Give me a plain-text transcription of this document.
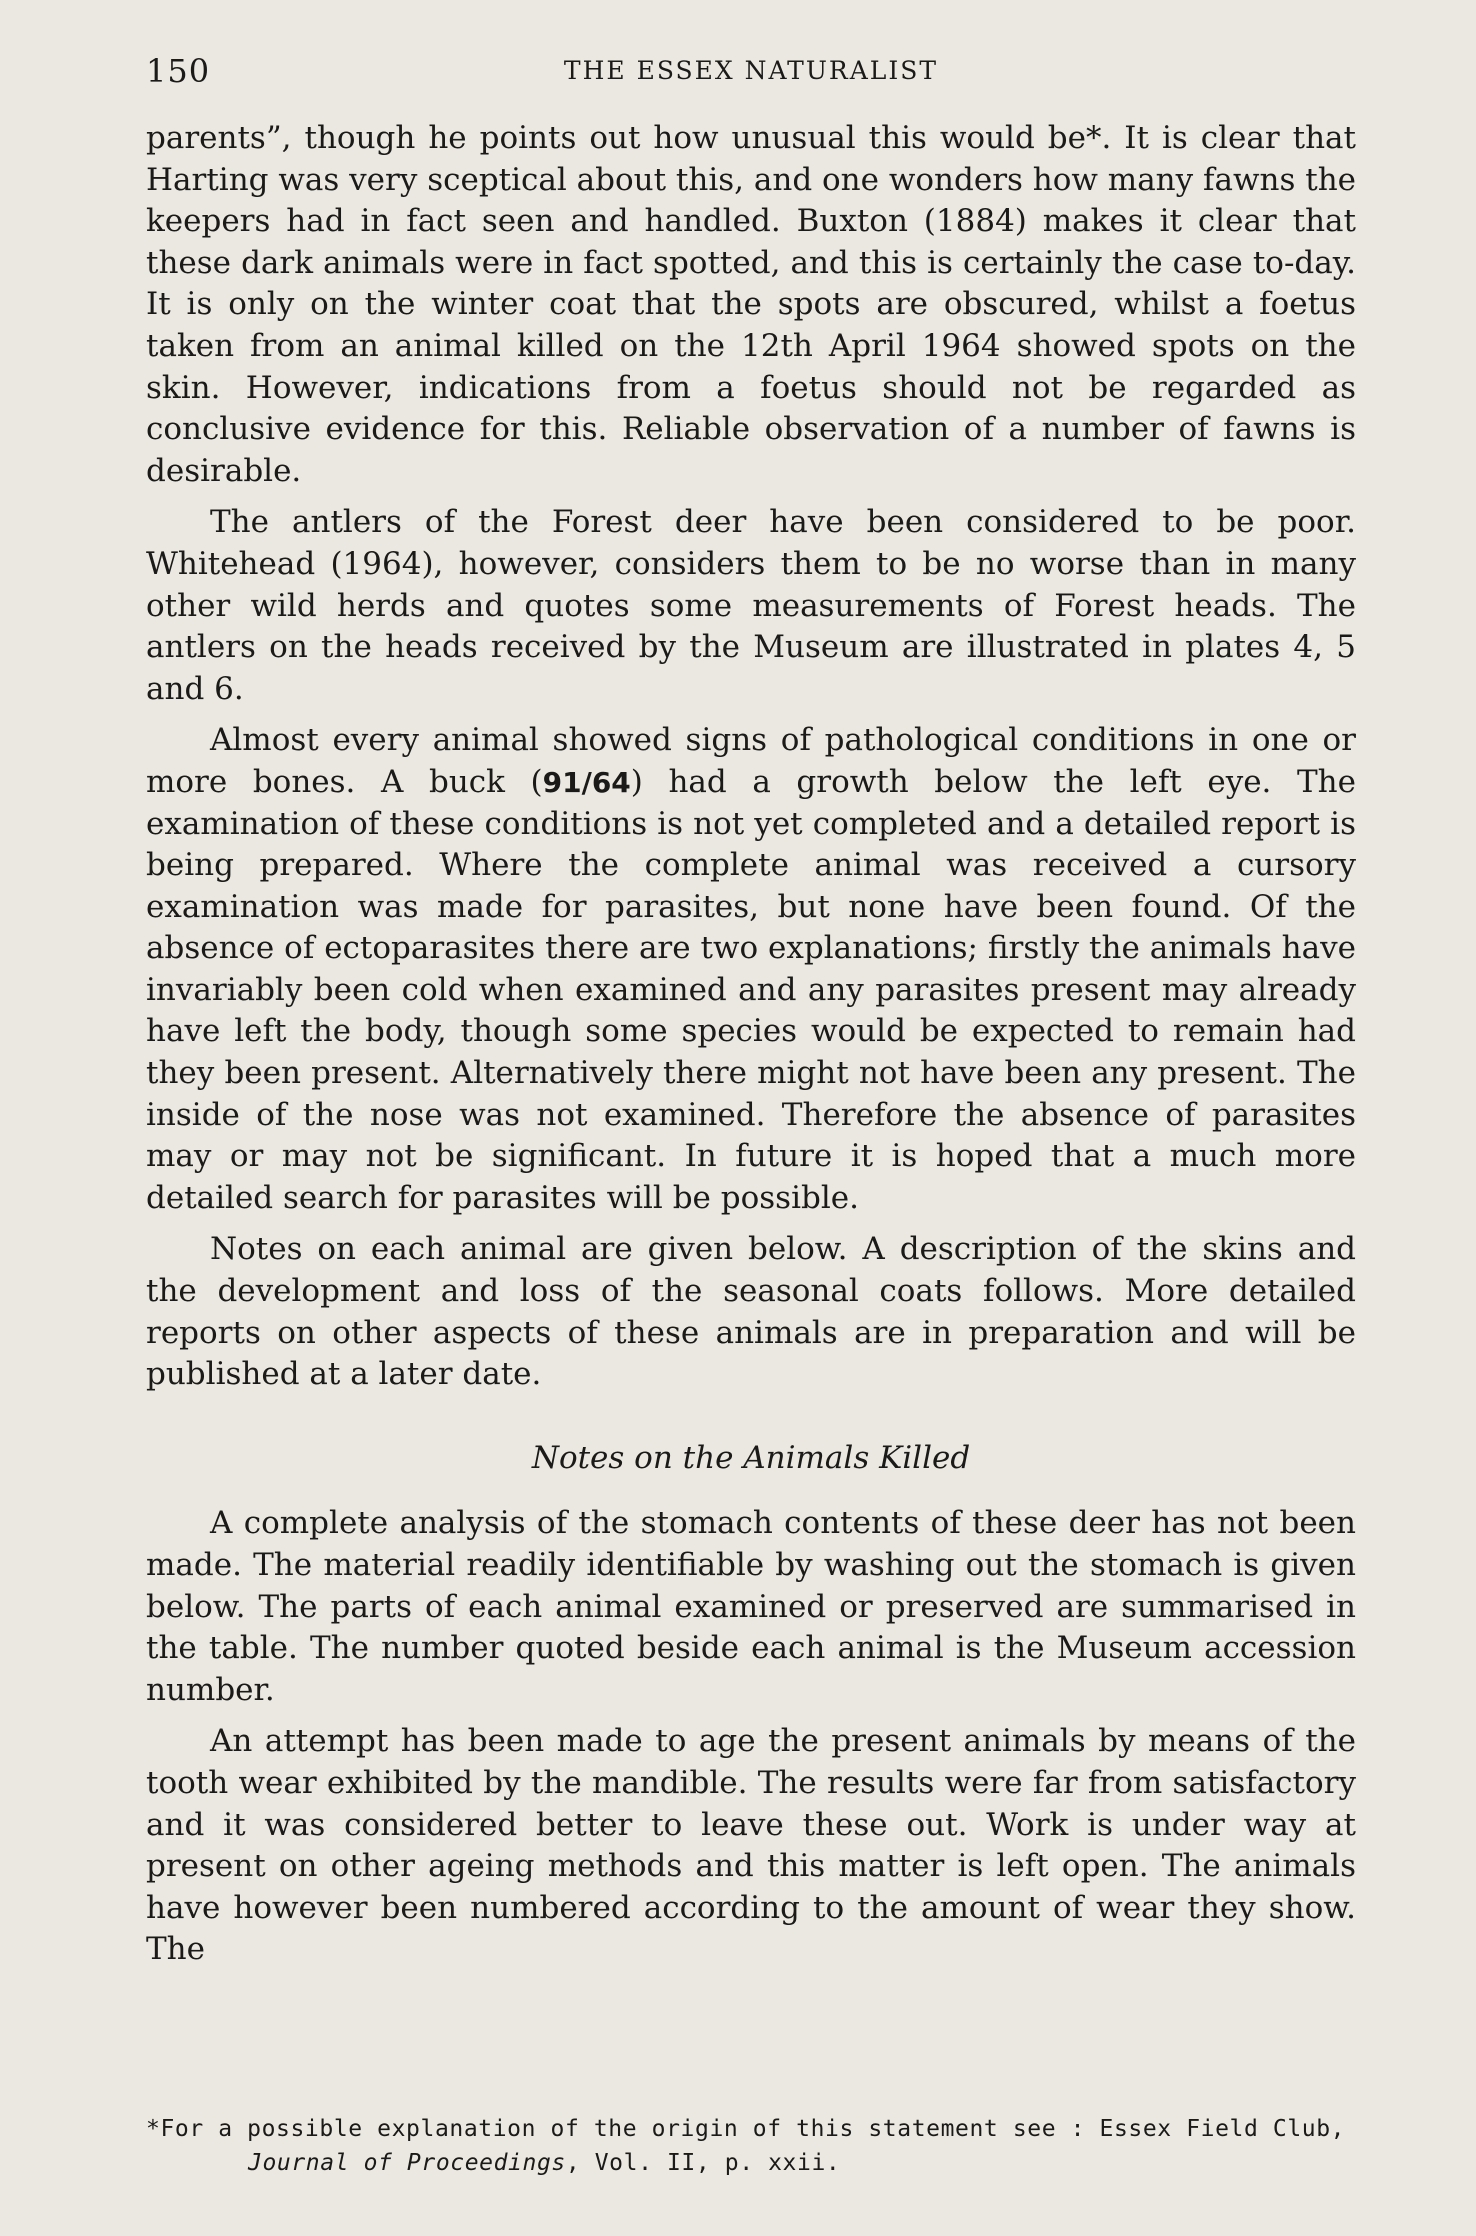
150	THE ESSEX NATURALIST

parents”, though he points out how unusual this would be*. It is clear that Harting was very sceptical about this, and one wonders how many fawns the keepers had in fact seen and handled. Buxton (1884) makes it clear that these dark animals were in fact spotted, and this is certainly the case to-day. It is only on the winter coat that the spots are obscured, whilst a foetus taken from an animal killed on the 12th April 1964 showed spots on the skin. However, indications from a foetus should not be regarded as conclusive evidence for this. Reliable observation of a number of fawns is desirable.

The antlers of the Forest deer have been considered to be poor. Whitehead (1964), however, considers them to be no worse than in many other wild herds and quotes some measurements of Forest heads. The antlers on the heads received by the Museum are illustrated in plates 4, 5 and 6.

Almost every animal showed signs of pathological conditions in one or more bones. A buck (91/64) had a growth below the left eye. The examination of these conditions is not yet completed and a detailed report is being prepared. Where the complete animal was received a cursory examination was made for parasites, but none have been found. Of the absence of ectoparasites there are two explanations; firstly the animals have invariably been cold when examined and any parasites present may already have left the body, though some species would be expected to remain had they been present. Alternatively there might not have been any present. The inside of the nose was not examined. Therefore the absence of parasites may or may not be significant. In future it is hoped that a much more detailed search for parasites will be possible.

Notes on each animal are given below. A description of the skins and the development and loss of the seasonal coats follows. More detailed reports on other aspects of these animals are in preparation and will be published at a later date.

Notes on the Animals Killed

A complete analysis of the stomach contents of these deer has not been made. The material readily identifiable by washing out the stomach is given below. The parts of each animal examined or preserved are summarised in the table. The number quoted beside each animal is the Museum accession number.

An attempt has been made to age the present animals by means of the tooth wear exhibited by the mandible. The results were far from satisfactory and it was considered better to leave these out. Work is under way at present on other ageing methods and this matter is left open. The animals have however been numbered according to the amount of wear they show. The

*For a possible explanation of the origin of this statement see : Essex Field Club,
Journal of Proceedings, Vol. II, p. xxii.
